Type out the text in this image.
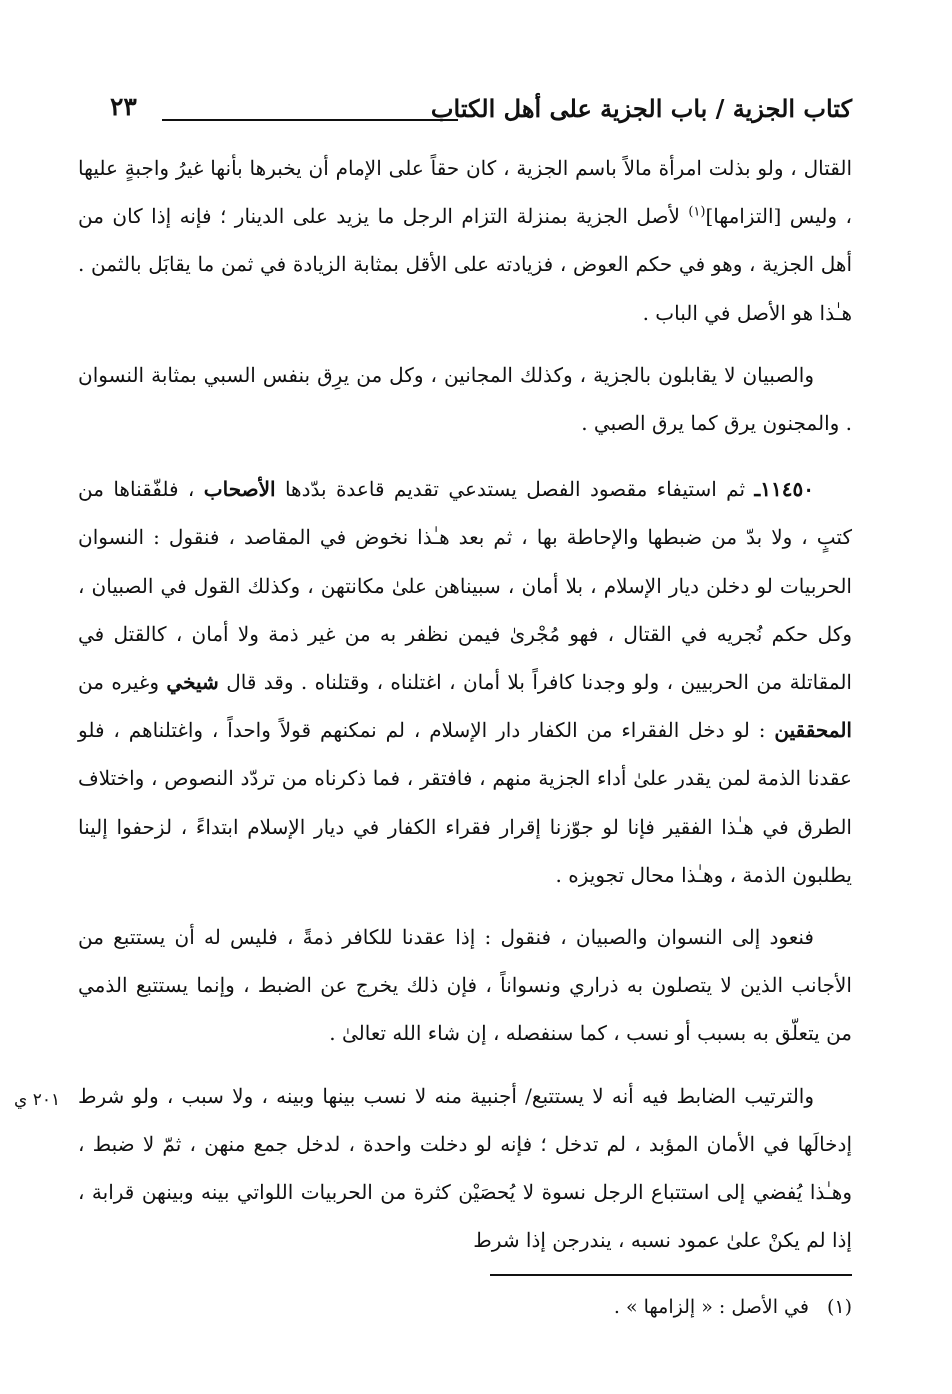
كتاب الجزية / باب الجزية على أهل الكتاب
٢٣

القتال ، ولو بذلت امرأة مالاً باسم الجزية ، كان حقاً على الإمام أن يخبرها بأنها غيرُ واجبةٍ عليها ، وليس [التزامها]$^{(١)}$ لأصل الجزية بمنزلة التزام الرجل ما يزيد على الدينار ؛ فإنه إذا كان من أهل الجزية ، وهو في حكم العوض ، فزيادته على الأقل بمثابة الزيادة في ثمن ما يقابَل بالثمن . هـٰذا هو الأصل في الباب .

والصبيان لا يقابلون بالجزية ، وكذلك المجانين ، وكل من يرِق بنفس السبي بمثابة النسوان . والمجنون يرق كما يرق الصبي .

١١٤٥٠ـ ثم استيفاء مقصود الفصل يستدعي تقديم قاعدة بدّدها الأصحاب ، فلفّقناها من كتبٍ ، ولا بدّ من ضبطها والإحاطة بها ، ثم بعد هـٰذا نخوض في المقاصد ، فنقول : النسوان الحربيات لو دخلن ديار الإسلام ، بلا أمان ، سبيناهن علىٰ مكانتهن ، وكذلك القول في الصبيان ، وكل حكم نُجريه في القتال ، فهو مُجْرىٰ فيمن نظفر به من غير ذمة ولا أمان ، كالقتل في المقاتلة من الحربيين ، ولو وجدنا كافراً بلا أمان ، اغتلناه ، وقتلناه . وقد قال شيخي وغيره من المحققين : لو دخل الفقراء من الكفار دار الإسلام ، لم نمكنهم قولاً واحداً ، واغتلناهم ، فلو عقدنا الذمة لمن يقدر علىٰ أداء الجزية منهم ، فافتقر ، فما ذكرناه من تردّد النصوص ، واختلاف الطرق في هـٰذا الفقير فإنا لو جوّزنا إقرار فقراء الكفار في ديار الإسلام ابتداءً ، لزحفوا إلينا يطلبون الذمة ، وهـٰذا محال تجويزه .

فنعود إلى النسوان والصبيان ، فنقول : إذا عقدنا للكافر ذمةً ، فليس له أن يستتبع من الأجانب الذين لا يتصلون به ذراري ونسواناً ، فإن ذلك يخرج عن الضبط ، وإنما يستتبع الذمي من يتعلّق به بسبب أو نسب ، كما سنفصله ، إن شاء الله تعالىٰ .

والترتيب الضابط فيه أنه لا يستتبع/ أجنبية منه لا نسب بينها وبينه ، ولا سبب ، ولو شرط إدخالَها في الأمان المؤبد ، لم تدخل ؛ فإنه لو دخلت واحدة ، لدخل جمع منهن ، ثمّ لا ضبط ، وهـٰذا يُفضي إلى استتباع الرجل نسوة لا يُحصَيْن كثرة من الحربيات اللواتي بينه وبينهن قرابة ، إذا لم يكنْ علىٰ عمود نسبه ، يندرجن إذا شرط

٢٠١ ي
(١)في الأصل : « إلزامها » .
